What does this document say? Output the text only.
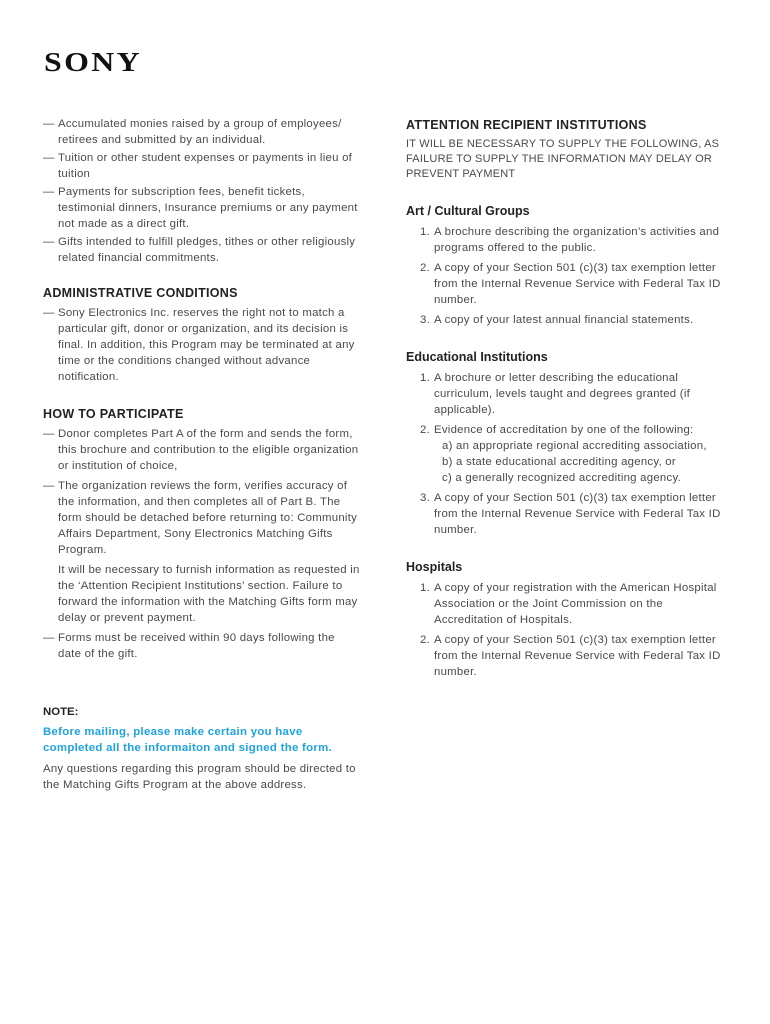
SONY
— Accumulated monies raised by a group of employees/ retirees and submitted by an individual.
— Tuition or other student expenses or payments in lieu of tuition
— Payments for subscription fees, benefit tickets, testimonial dinners, Insurance premiums or any payment not made as a direct gift.
— Gifts intended to fulfill pledges, tithes or other religiously related financial commitments.
ADMINISTRATIVE CONDITIONS
— Sony Electronics Inc. reserves the right not to match a particular gift, donor or organization, and its decision is final. In addition, this Program may be terminated at any time or the conditions changed without advance notification.
HOW TO PARTICIPATE
— Donor completes Part A of the form and sends the form, this brochure and contribution to the eligible organization or institution of choice,
— The organization reviews the form, verifies accuracy of the information, and then completes all of Part B. The form should be detached before returning to: Community Affairs Department, Sony Electronics Matching Gifts Program.

It will be necessary to furnish information as requested in the ‘Attention Recipient Institutions’ section. Failure to forward the information with the Matching Gifts form may delay or prevent payment.

— Forms must be received within 90 days following the date of the gift.

NOTE:

Before mailing, please make certain you have completed all the informaiton and signed the form.

Any questions regarding this program should be directed to the Matching Gifts Program at the above address.

ATTENTION RECIPIENT INSTITUTIONS

IT WILL BE NECESSARY TO SUPPLY THE FOLLOWING, AS FAILURE TO SUPPLY THE INFORMATION MAY DELAY OR PREVENT PAYMENT

Art / Cultural Groups
1. A brochure describing the organization’s activities and programs offered to the public.
2. A copy of your Section 501 (c)(3) tax exemption letter from the Internal Revenue Service with Federal Tax ID number.
3. A copy of your latest annual financial statements.
Educational Institutions
1. A brochure or letter describing the educational curriculum, levels taught and degrees granted (if applicable).
2. Evidence of accreditation by one of the following:
a) an appropriate regional accrediting association,
b) a state educational accrediting agency, or
c) a generally recognized accrediting agency.
3. A copy of your Section 501 (c)(3) tax exemption letter from the Internal Revenue Service with Federal Tax ID number.
Hospitals
1. A copy of your registration with the American Hospital Association or the Joint Commission on the Accreditation of Hospitals.
2. A copy of your Section 501 (c)(3) tax exemption letter from the Internal Revenue Service with Federal Tax ID number.
